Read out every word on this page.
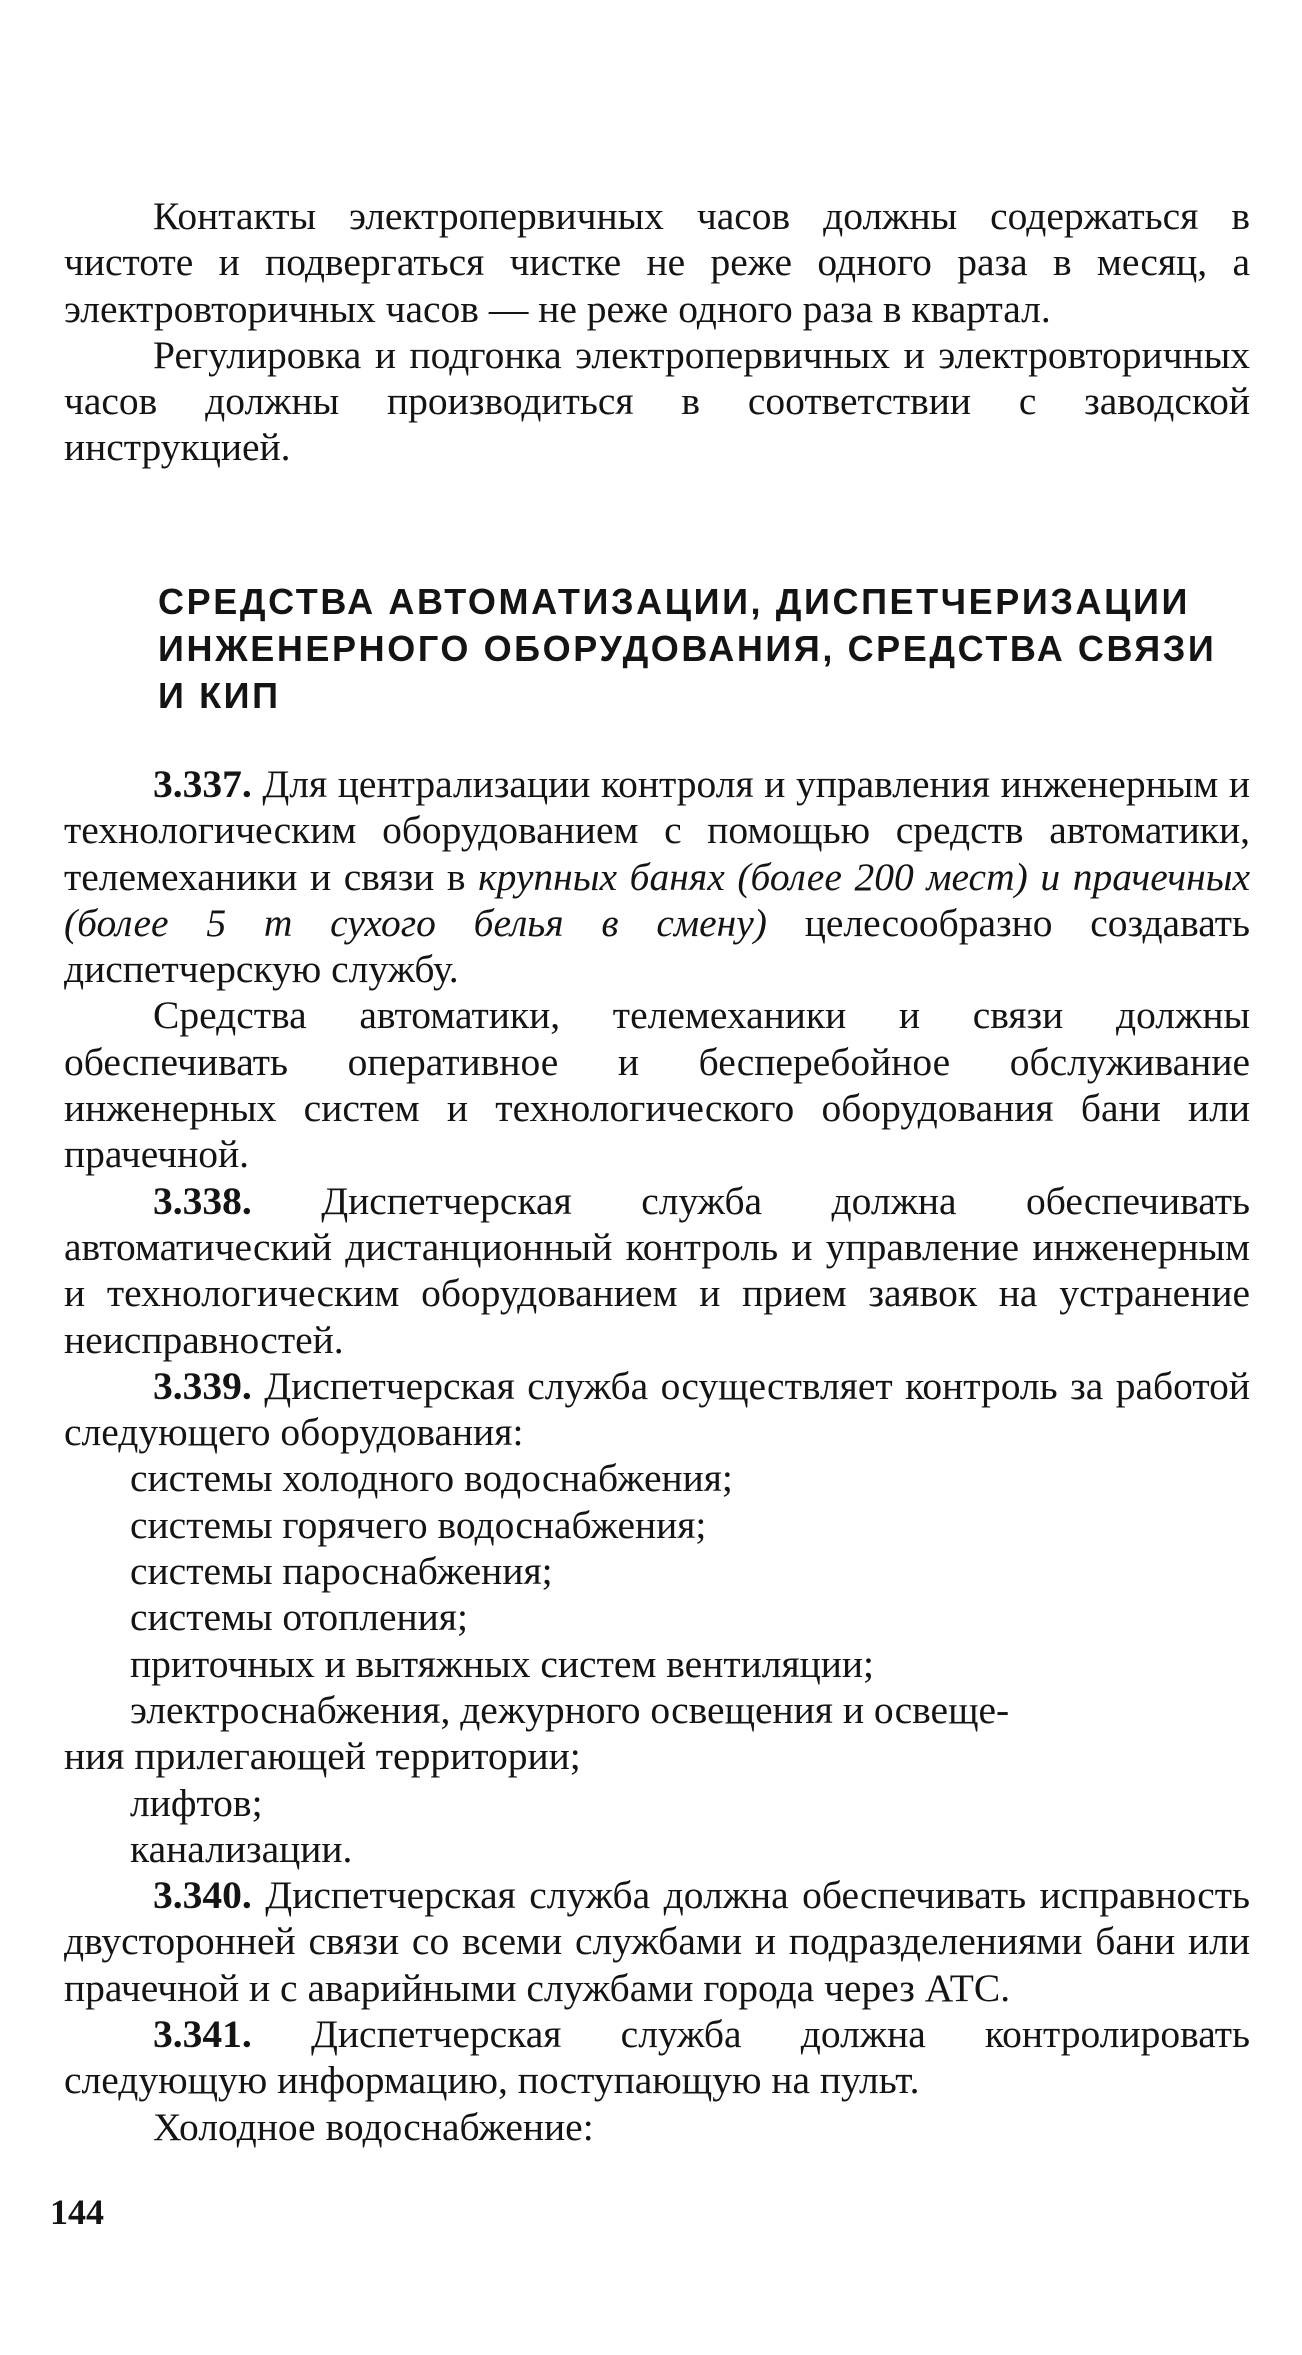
Контакты электропервичных часов должны содержаться в чистоте и подвергаться чистке не реже одного раза в месяц, а электровторичных часов — не реже одного раза в квартал.

Регулировка и подгонка электропервичных и электровторичных часов должны производиться в соответствии с заводской инструкцией.

СРЕДСТВА АВТОМАТИЗАЦИИ, ДИСПЕТЧЕРИЗАЦИИ ИНЖЕНЕРНОГО ОБОРУДОВАНИЯ, СРЕДСТВА СВЯЗИ И КИП

3.337. Для централизации контроля и управления инженерным и технологическим оборудованием с помощью средств автоматики, телемеханики и связи в крупных банях (более 200 мест) и прачечных (более 5 т сухого белья в смену) целесообразно создавать диспетчерскую службу.

Средства автоматики, телемеханики и связи должны обеспечивать оперативное и бесперебойное обслуживание инженерных систем и технологического оборудования бани или прачечной.

3.338. Диспетчерская служба должна обеспечивать автоматический дистанционный контроль и управление инженерным и технологическим оборудованием и прием заявок на устранение неисправностей.

3.339. Диспетчерская служба осуществляет контроль за работой следующего оборудования:

системы холодного водоснабжения;

системы горячего водоснабжения;

системы пароснабжения;

системы отопления;

приточных и вытяжных систем вентиляции;

электроснабжения, дежурного освещения и освеще-
ния прилегающей территории;

лифтов;

канализации.

3.340. Диспетчерская служба должна обеспечивать исправность двусторонней связи со всеми службами и подразделениями бани или прачечной и с аварийными службами города через АТС.

3.341. Диспетчерская служба должна контролировать следующую информацию, поступающую на пульт.

Холодное водоснабжение:

144
